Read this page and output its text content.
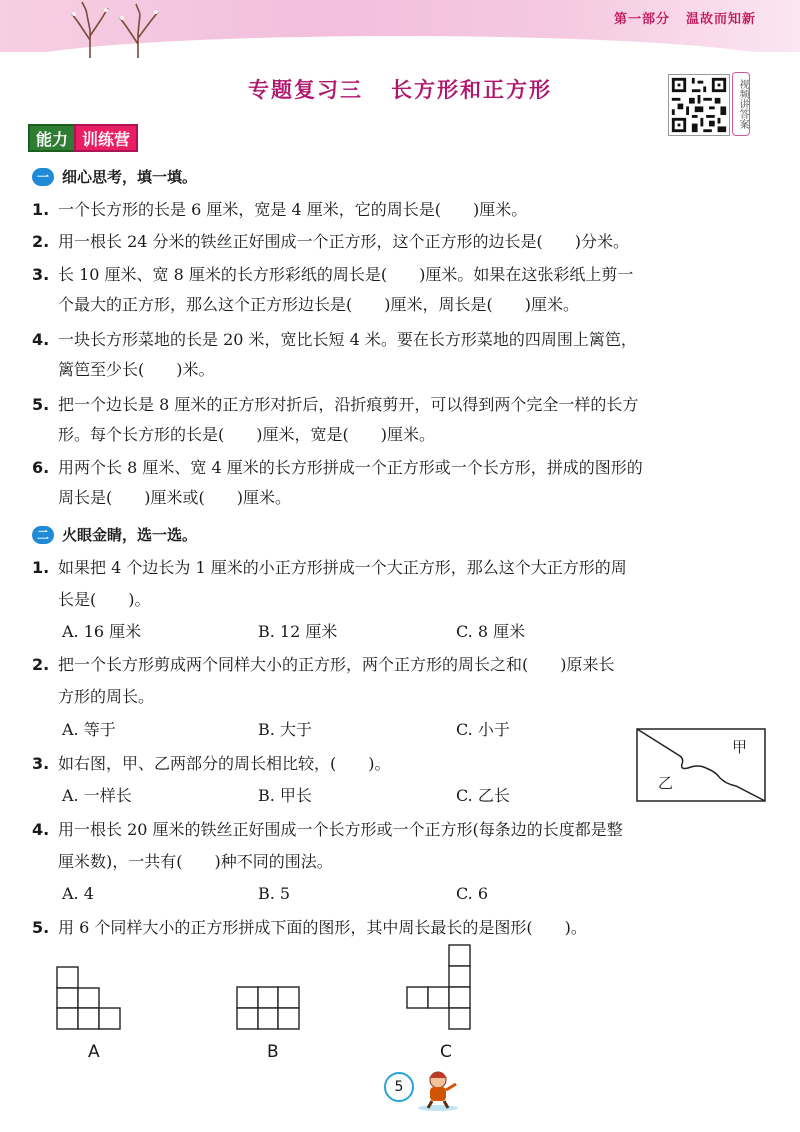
第一部分 温故而知新
专题复习三 长方形和正方形	视频讲答案
能力 训练营
一 细心思考，填一填。
1. 一个长方形的长是 6 厘米，宽是 4 厘米，它的周长是(　　)厘米。
2. 用一根长 24 分米的铁丝正好围成一个正方形，这个正方形的边长是(　　)分米。
3. 长 10 厘米、宽 8 厘米的长方形彩纸的周长是(　　)厘米。如果在这张彩纸上剪一
个最大的正方形，那么这个正方形边长是(　　)厘米，周长是(　　)厘米。
4. 一块长方形菜地的长是 20 米，宽比长短 4 米。要在长方形菜地的四周围上篱笆，
篱笆至少长(　　)米。
5. 把一个边长是 8 厘米的正方形对折后，沿折痕剪开，可以得到两个完全一样的长方
形。每个长方形的长是(　　)厘米，宽是(　　)厘米。
6. 用两个长 8 厘米、宽 4 厘米的长方形拼成一个正方形或一个长方形，拼成的图形的
周长是(　　)厘米或(　　)厘米。
二 火眼金睛，选一选。
1. 如果把 4 个边长为 1 厘米的小正方形拼成一个大正方形，那么这个大正方形的周
长是(　　)。
A. 16 厘米	B. 12 厘米	C. 8 厘米
2. 把一个长方形剪成两个同样大小的正方形，两个正方形的周长之和(　　)原来长
方形的周长。
A. 等于	B. 大于	C. 小于
3. 如右图，甲、乙两部分的周长相比较，(　　)。
A. 一样长	B. 甲长	C. 乙长
甲
乙
4. 用一根长 20 厘米的铁丝正好围成一个长方形或一个正方形(每条边的长度都是整
厘米数)，一共有(　　)种不同的围法。
A. 4	B. 5	C. 6
5. 用 6 个同样大小的正方形拼成下面的图形，其中周长最长的是图形(　　)。
A	B	C
5
